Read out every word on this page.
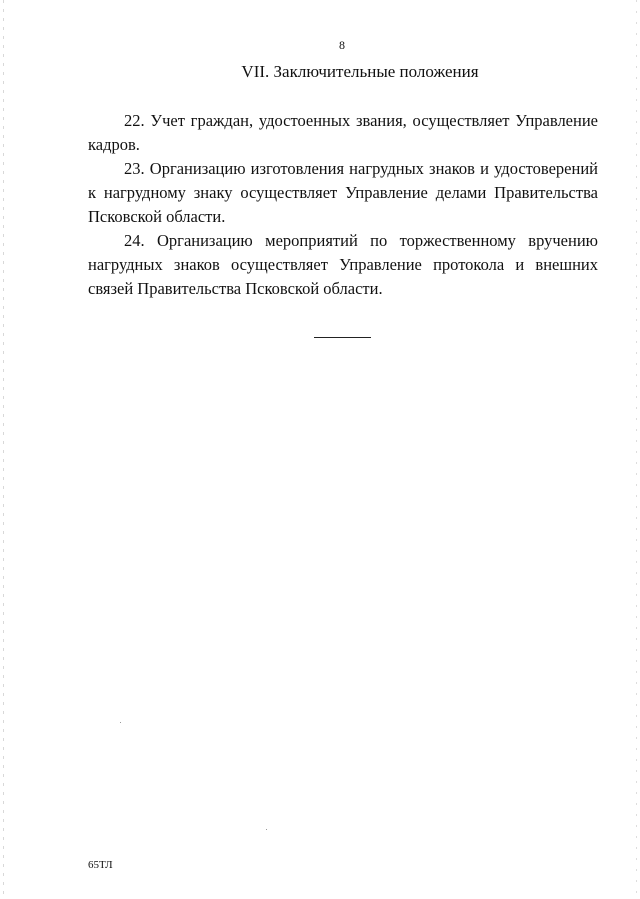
8
VII. Заключительные положения

22. Учет граждан, удостоенных звания, осуществляет Управление кадров.

23. Организацию изготовления нагрудных знаков и удостоверений к нагрудному знаку осуществляет Управление делами Правительства Псковской области.

24. Организацию мероприятий по торжественному вручению нагрудных знаков осуществляет Управление протокола и внешних связей Правительства Псковской области.

65ТЛ
